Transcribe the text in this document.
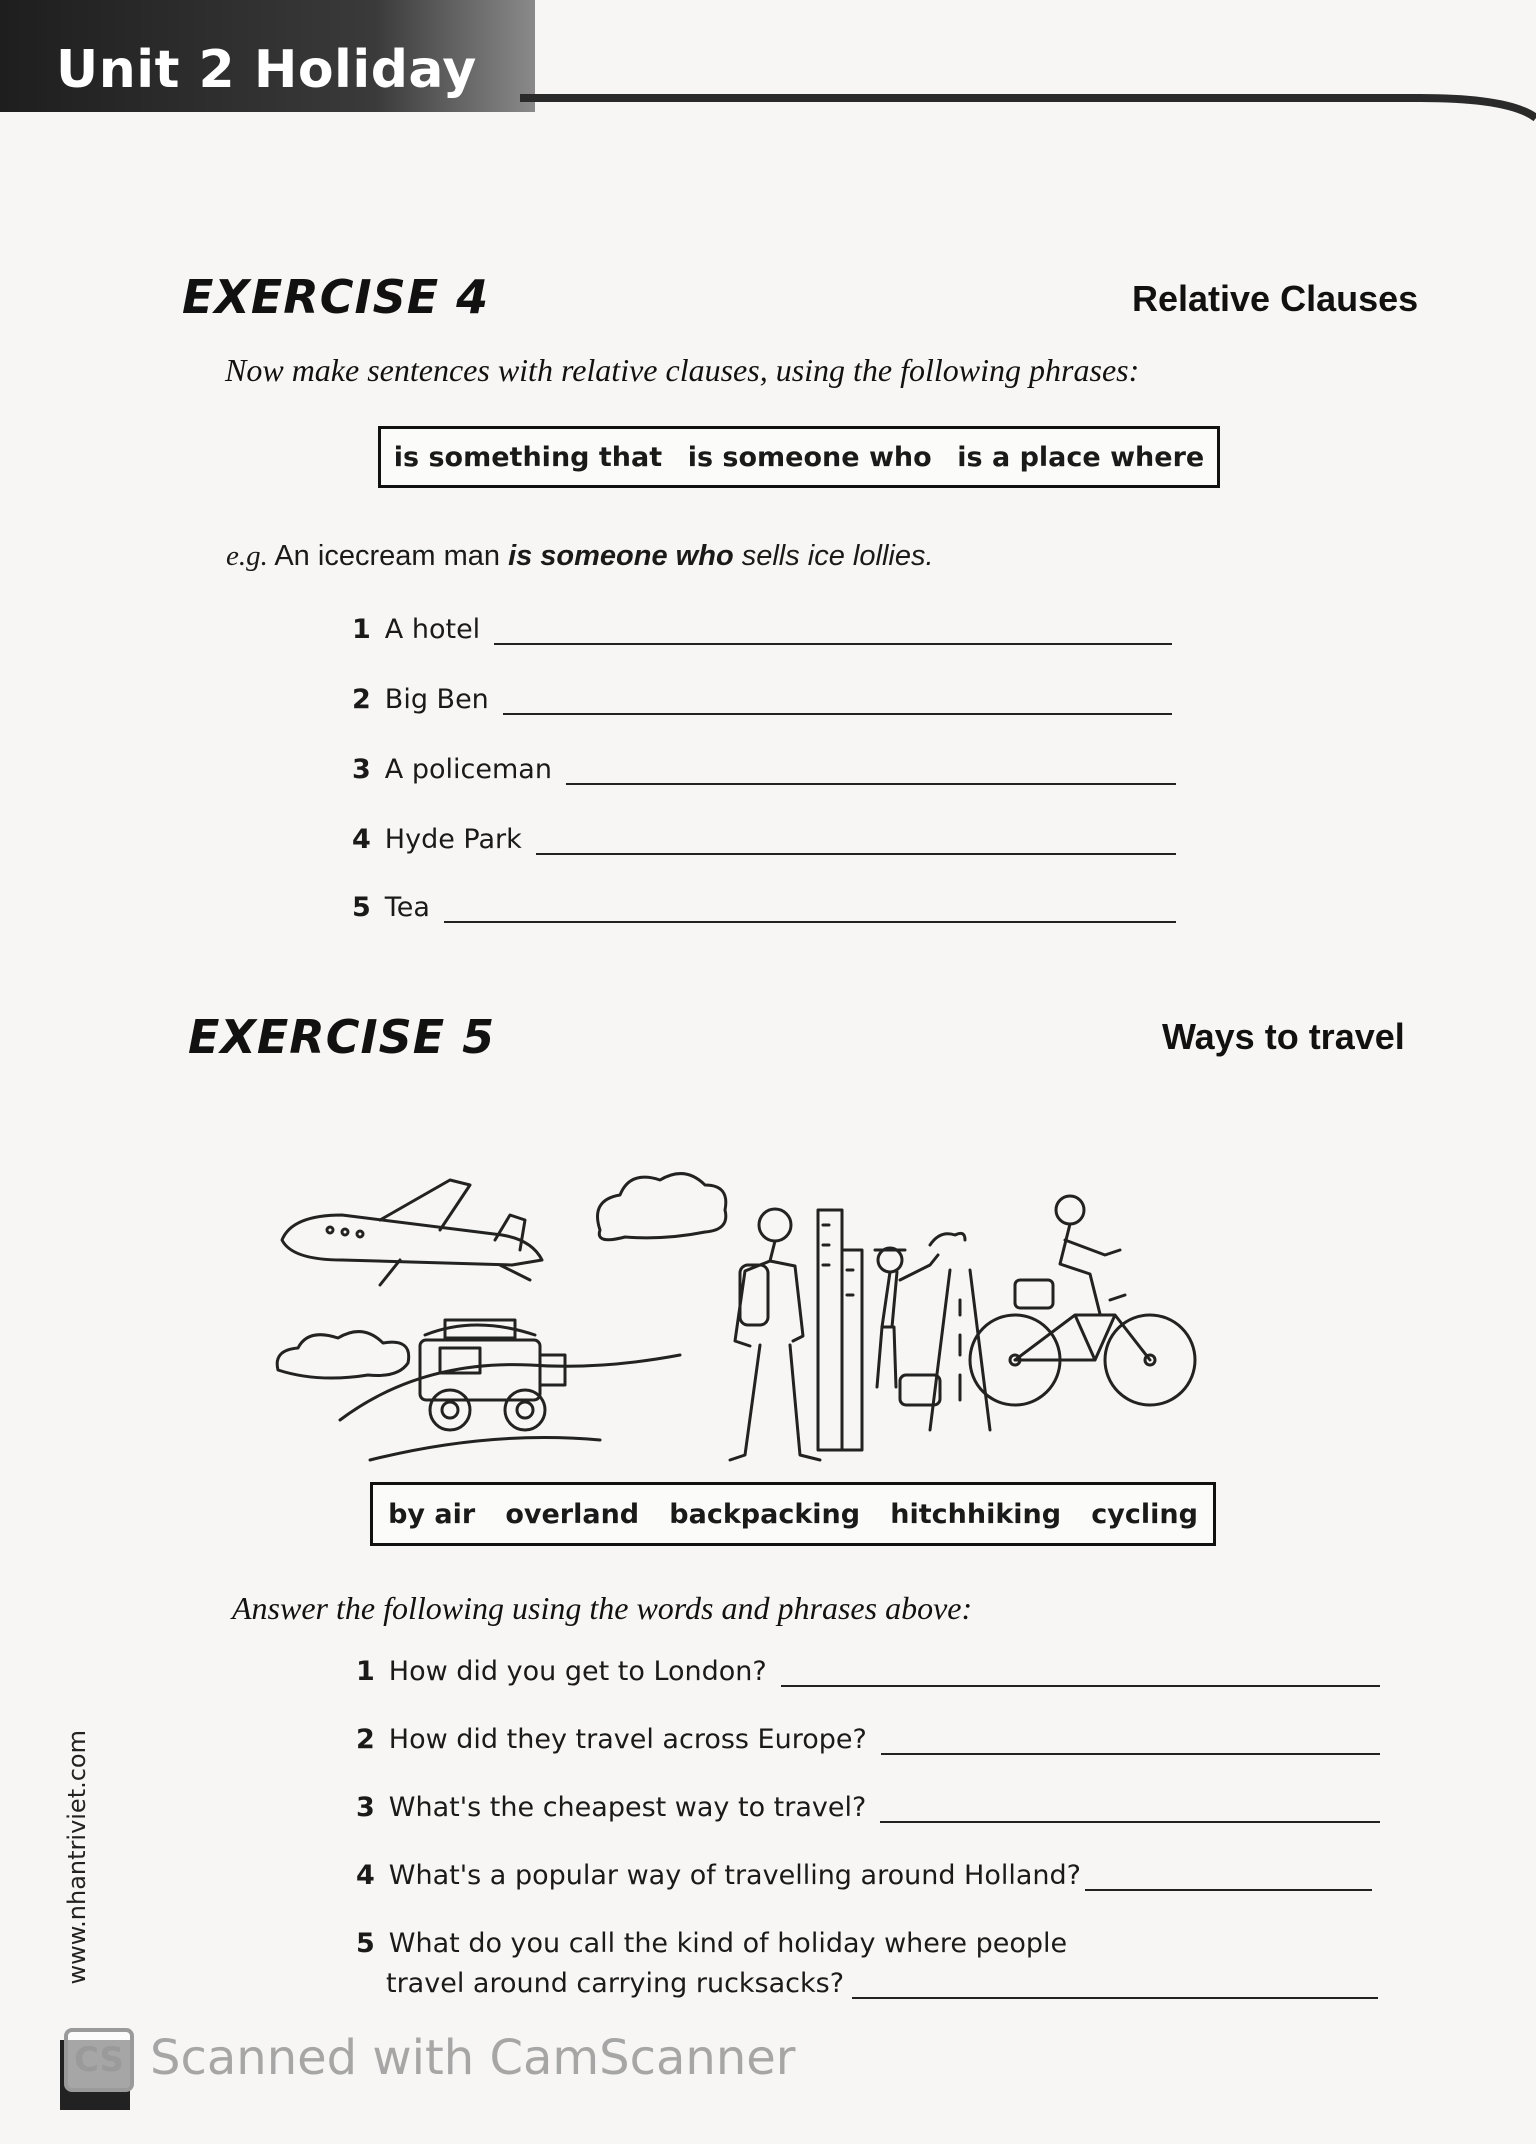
Unit 2 Holiday
EXERCISE 4	Relative Clauses
Now make sentences with relative clauses, using the following phrases:
is something that is someone who is a place where
e.g. An icecream man is someone who sells ice lollies.
1 A hotel
2 Big Ben
3 A policeman
4 Hyde Park
5 Tea
EXERCISE 5	Ways to travel
by air overland backpacking hitchhiking cycling
Answer the following using the words and phrases above:
1 How did you get to London?
2 How did they travel across Europe?
3 What's the cheapest way to travel?
4 What's a popular way of travelling around Holland?
5 What do you call the kind of holiday where people
travel around carrying rucksacks?
www.nhantriviet.com
CS Scanned with CamScanner
